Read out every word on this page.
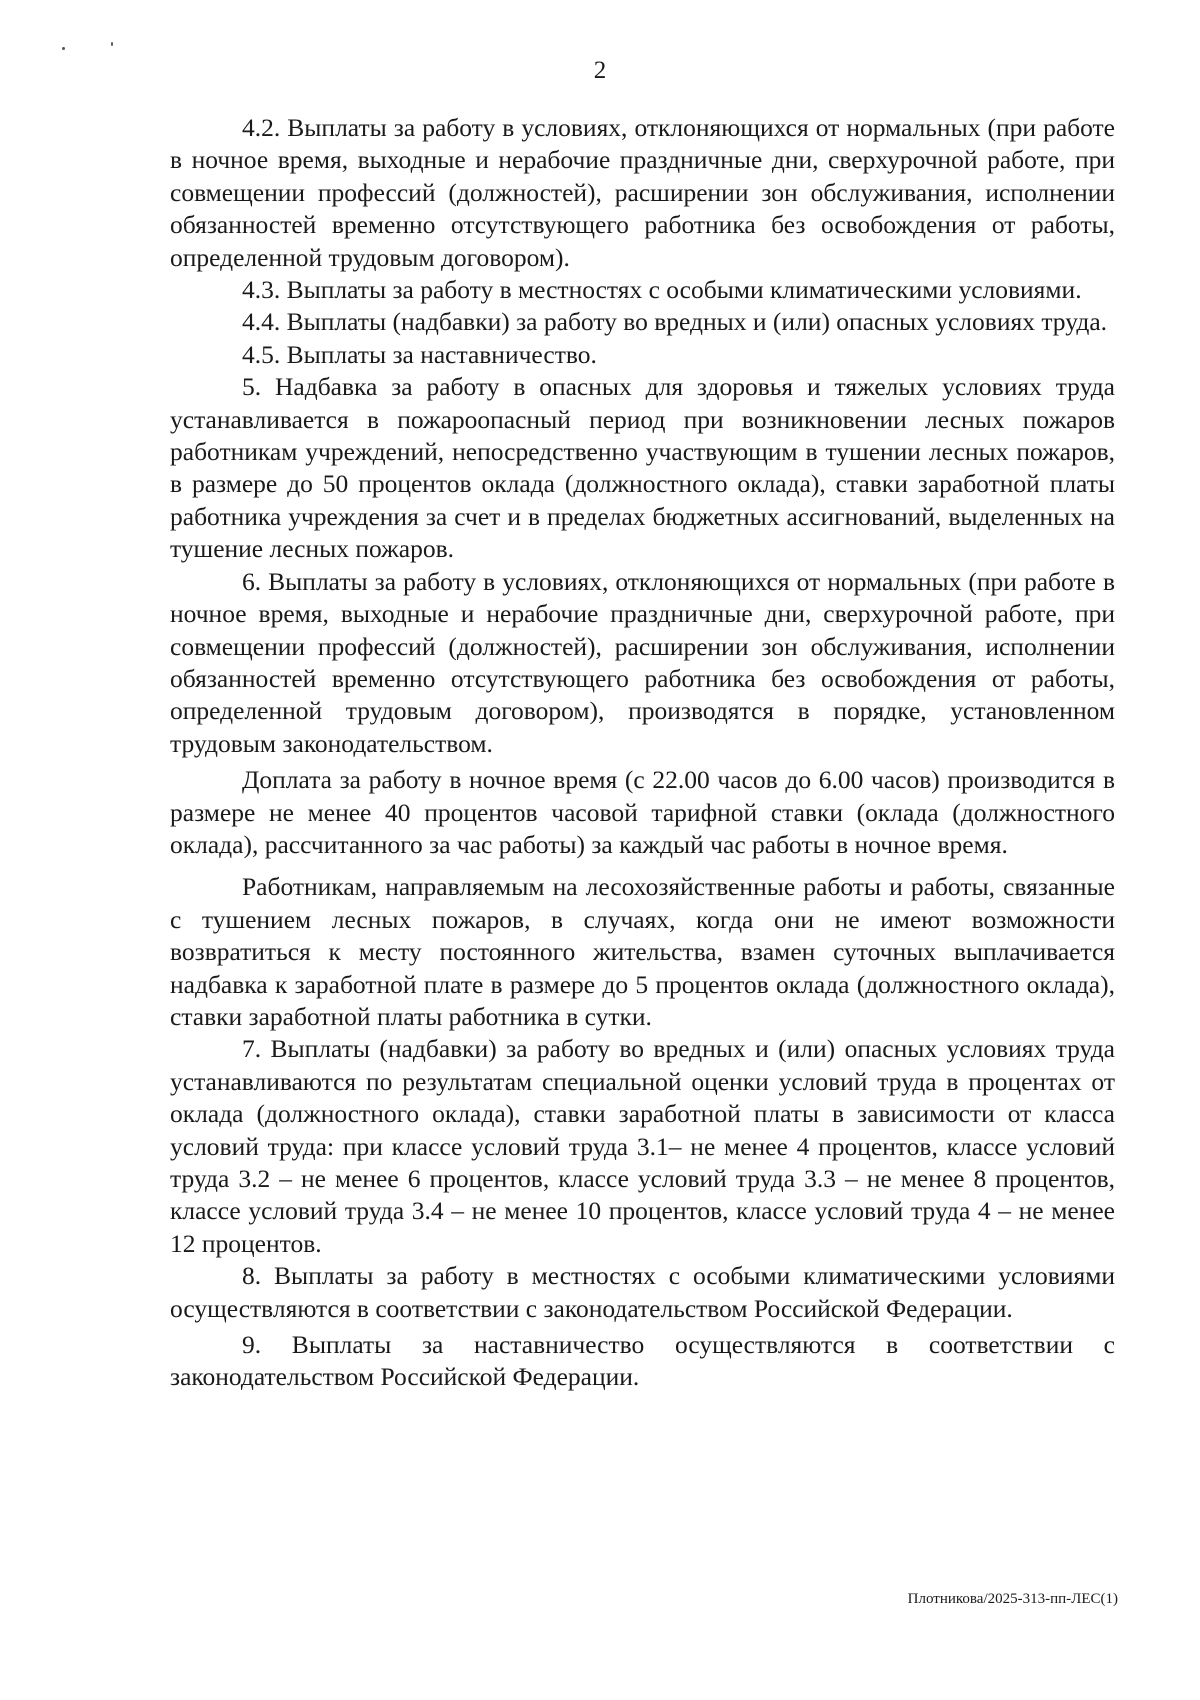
2

4.2. Выплаты за работу в условиях, отклоняющихся от нормальных (при работе в ночное время, выходные и нерабочие праздничные дни, сверхурочной работе, при совмещении профессий (должностей), расширении зон обслуживания, исполнении обязанностей временно отсутствующего работника без освобождения от работы, определенной трудовым договором).

4.3. Выплаты за работу в местностях с особыми климатическими условиями.

4.4. Выплаты (надбавки) за работу во вредных и (или) опасных условиях труда.

4.5. Выплаты за наставничество.

5. Надбавка за работу в опасных для здоровья и тяжелых условиях труда устанавливается в пожароопасный период при возникновении лесных пожаров работникам учреждений, непосредственно участвующим в тушении лесных пожаров, в размере до 50 процентов оклада (должностного оклада), ставки заработной платы работника учреждения за счет и в пределах бюджетных ассигнований, выделенных на тушение лесных пожаров.

6. Выплаты за работу в условиях, отклоняющихся от нормальных (при работе в ночное время, выходные и нерабочие праздничные дни, сверхурочной работе, при совмещении профессий (должностей), расширении зон обслуживания, исполнении обязанностей временно отсутствующего работника без освобождения от работы, определенной трудовым договором), производятся в порядке, установленном трудовым законодательством.

Доплата за работу в ночное время (с 22.00 часов до 6.00 часов) производится в размере не менее 40 процентов часовой тарифной ставки (оклада (должностного оклада), рассчитанного за час работы) за каждый час работы в ночное время.

Работникам, направляемым на лесохозяйственные работы и работы, связанные с тушением лесных пожаров, в случаях, когда они не имеют возможности возвратиться к месту постоянного жительства, взамен суточных выплачивается надбавка к заработной плате в размере до 5 процентов оклада (должностного оклада), ставки заработной платы работника в сутки.

7. Выплаты (надбавки) за работу во вредных и (или) опасных условиях труда устанавливаются по результатам специальной оценки условий труда в процентах от оклада (должностного оклада), ставки заработной платы в зависимости от класса условий труда: при классе условий труда 3.1– не менее 4 процентов, классе условий труда 3.2 – не менее 6 процентов, классе условий труда 3.3 – не менее 8 процентов, классе условий труда 3.4 – не менее 10 процентов, классе условий труда 4 – не менее 12 процентов.

8. Выплаты за работу в местностях с особыми климатическими условиями осуществляются в соответствии с законодательством Российской Федерации.

9. Выплаты за наставничество осуществляются в соответствии с законодательством Российской Федерации.

Плотникова/2025-313-пп-ЛЕС(1)
